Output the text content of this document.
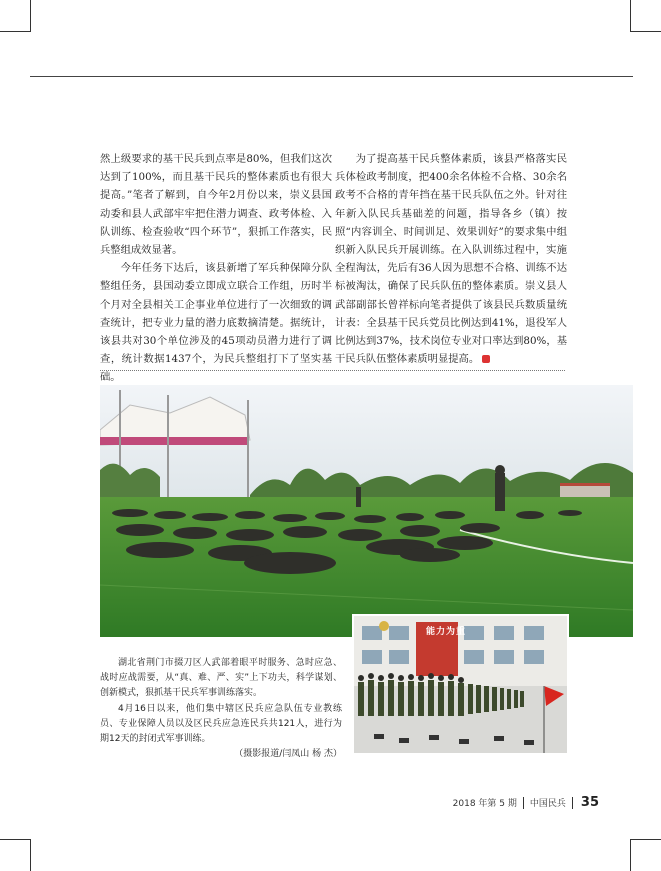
然上级要求的基干民兵到点率是80%，但我们这次达到了100%，而且基干民兵的整体素质也有很大提高。”笔者了解到，自今年2月份以来，崇义县国动委和县人武部牢牢把住潜力调查、政考体检、入队训练、检查验收“四个环节”，狠抓工作落实，民兵整组成效显著。

今年任务下达后，该县新增了军兵种保障分队整组任务，县国动委立即成立联合工作组，历时半个月对全县相关工企事业单位进行了一次细致的调查统计，把专业力量的潜力底数摘清楚。据统计，该县共对30个单位涉及的45项动员潜力进行了调查，统计数据1437个，为民兵整组打下了坚实基础。

为了提高基干民兵整体素质，该县严格落实民兵体检政考制度，把400余名体检不合格、30余名政考不合格的青年挡在基干民兵队伍之外。针对往年新入队民兵基础差的问题，指导各乡（镇）按照“内容训全、时间训足、效果训好”的要求集中组织新入队民兵开展训练。在入队训练过程中，实施全程淘汰，先后有36人因为思想不合格、训练不达标被淘汰，确保了民兵队伍的整体素质。崇义县人武部副部长曾祥标向笔者提供了该县民兵数质量统计表：全县基干民兵党员比例达到41%，退役军人比例达到37%，技术岗位专业对口率达到80%，基干民兵队伍整体素质明显提高。

能力为重

湖北省荆门市掇刀区人武部着眼平时服务、急时应急、战时应战需要，从“真、难、严、实”上下功夫，科学谋划、创新模式，狠抓基干民兵军事训练落实。

4月16日以来，他们集中辖区民兵应急队伍专业教练员、专业保障人员以及区民兵应急连民兵共121人，进行为期12天的封闭式军事训练。

（摄影报道/闫凤山 杨 杰）

2018 年第 5 期 中国民兵 35
